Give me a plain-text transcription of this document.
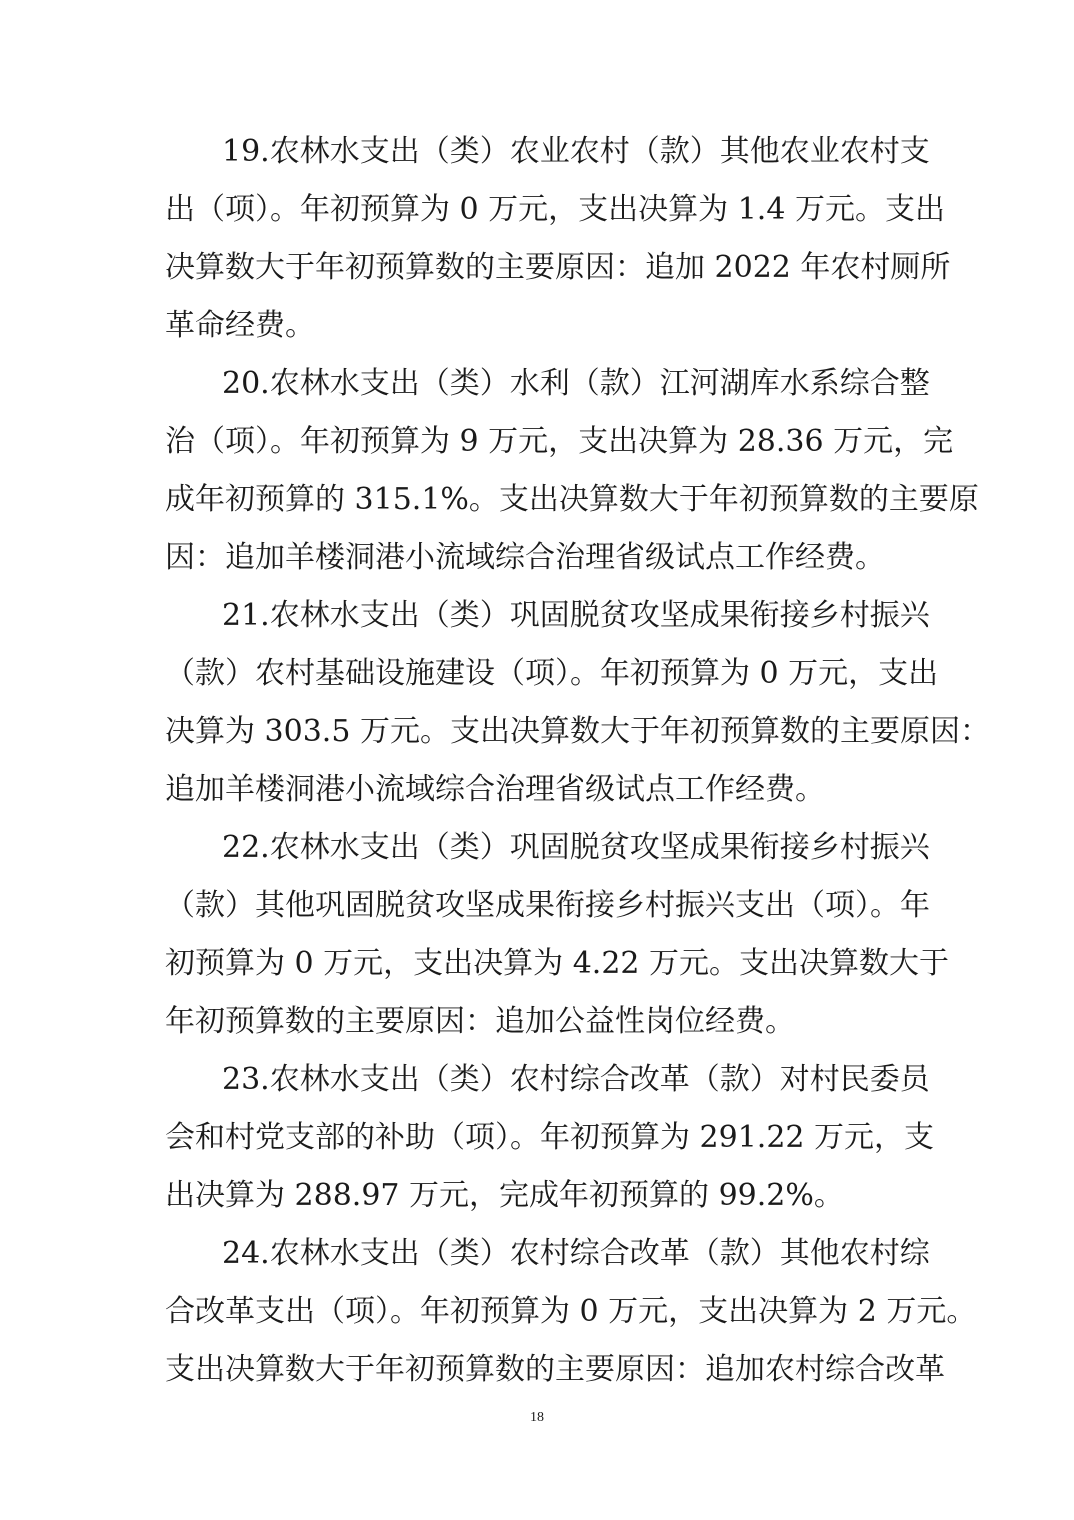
19.农林水支出（类）农业农村（款）其他农业农村支
出（项）。年初预算为 0 万元，支出决算为 1.4 万元。支出
决算数大于年初预算数的主要原因：追加 2022 年农村厕所
革命经费。
20.农林水支出（类）水利（款）江河湖库水系综合整
治（项）。年初预算为 9 万元，支出决算为 28.36 万元，完
成年初预算的 315.1%。支出决算数大于年初预算数的主要原
因：追加羊楼洞港小流域综合治理省级试点工作经费。
21.农林水支出（类）巩固脱贫攻坚成果衔接乡村振兴
（款）农村基础设施建设（项）。年初预算为 0 万元，支出
决算为 303.5 万元。支出决算数大于年初预算数的主要原因：
追加羊楼洞港小流域综合治理省级试点工作经费。
22.农林水支出（类）巩固脱贫攻坚成果衔接乡村振兴
（款）其他巩固脱贫攻坚成果衔接乡村振兴支出（项）。年
初预算为 0 万元，支出决算为 4.22 万元。支出决算数大于
年初预算数的主要原因：追加公益性岗位经费。
23.农林水支出（类）农村综合改革（款）对村民委员
会和村党支部的补助（项）。年初预算为 291.22 万元，支
出决算为 288.97 万元，完成年初预算的 99.2%。
24.农林水支出（类）农村综合改革（款）其他农村综
合改革支出（项）。年初预算为 0 万元，支出决算为 2 万元。
支出决算数大于年初预算数的主要原因：追加农村综合改革
18
